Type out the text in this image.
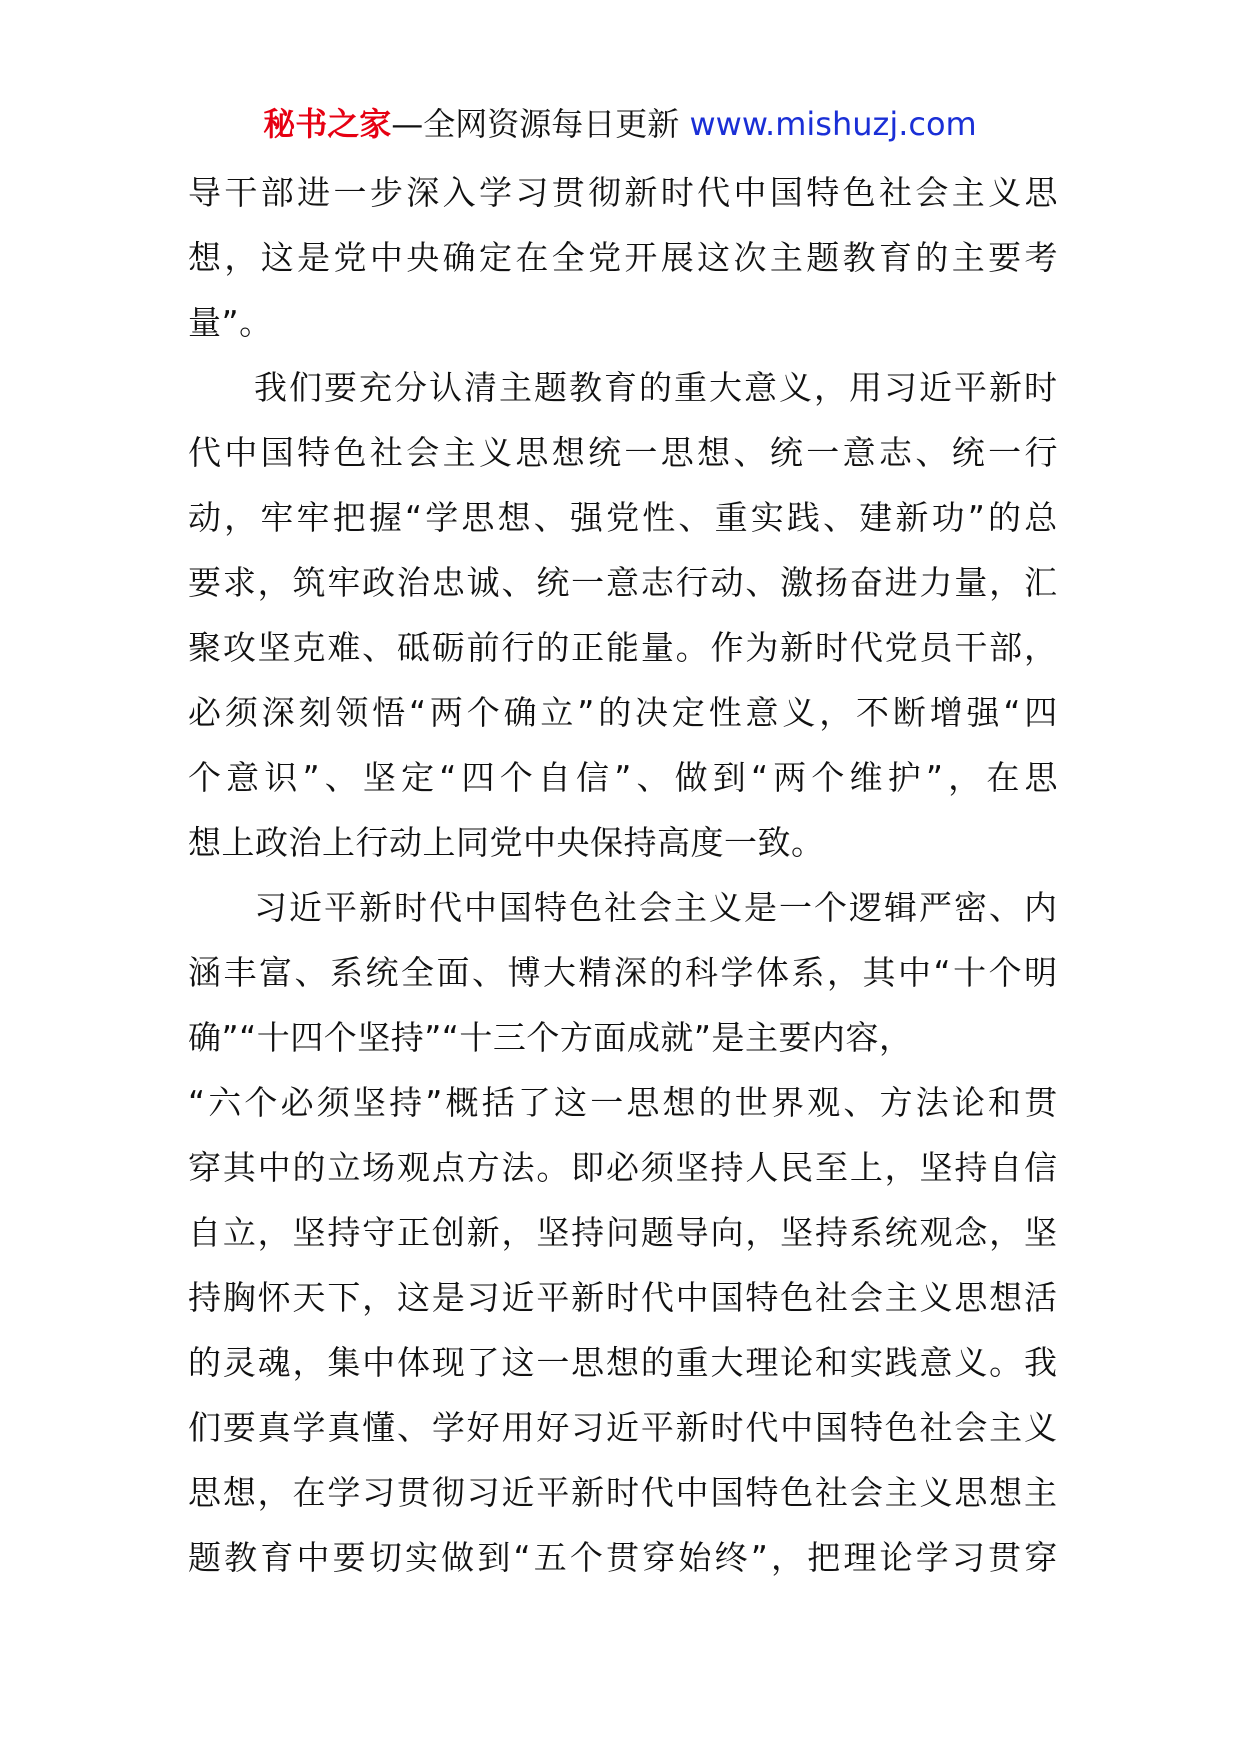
秘书之家—全网资源每日更新 www.mishuzj.com
导干部进一步深入学习贯彻新时代中国特色社会主义思
想，这是党中央确定在全党开展这次主题教育的主要考
量”。
我们要充分认清主题教育的重大意义，用习近平新时
代中国特色社会主义思想统一思想、统一意志、统一行
动，牢牢把握“学思想、强党性、重实践、建新功”的总
要求，筑牢政治忠诚、统一意志行动、激扬奋进力量，汇
聚攻坚克难、砥砺前行的正能量。作为新时代党员干部，
必须深刻领悟“两个确立”的决定性意义，不断增强“四
个意识”、坚定“四个自信”、做到“两个维护”，在思
想上政治上行动上同党中央保持高度一致。
习近平新时代中国特色社会主义是一个逻辑严密、内
涵丰富、系统全面、博大精深的科学体系，其中“十个明
确”“十四个坚持”“十三个方面成就”是主要内容，
“六个必须坚持”概括了这一思想的世界观、方法论和贯
穿其中的立场观点方法。即必须坚持人民至上，坚持自信
自立，坚持守正创新，坚持问题导向，坚持系统观念，坚
持胸怀天下，这是习近平新时代中国特色社会主义思想活
的灵魂，集中体现了这一思想的重大理论和实践意义。我
们要真学真懂、学好用好习近平新时代中国特色社会主义
思想，在学习贯彻习近平新时代中国特色社会主义思想主
题教育中要切实做到“五个贯穿始终”，把理论学习贯穿
